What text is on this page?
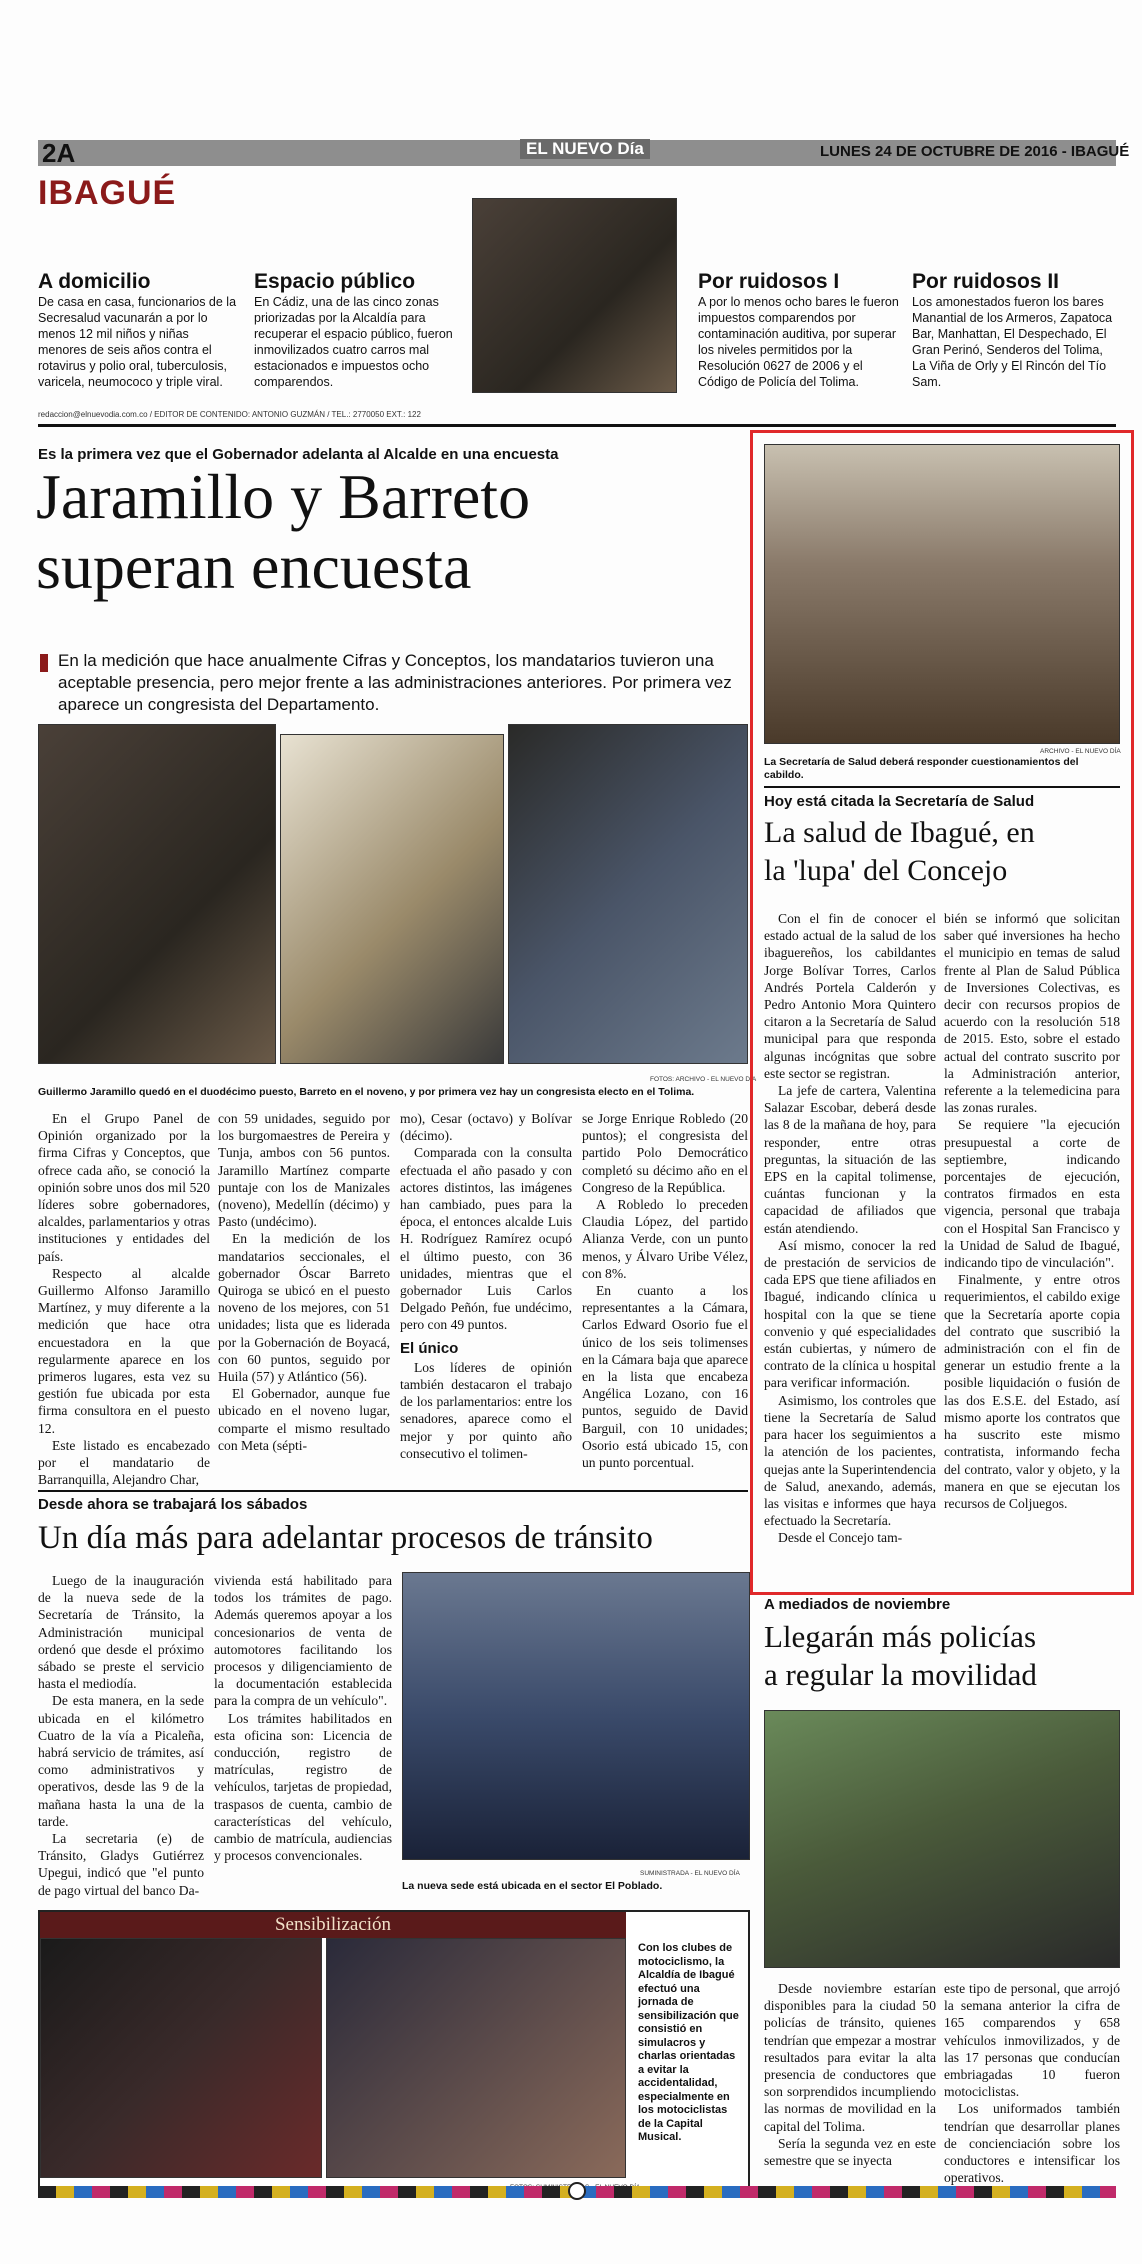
2A	EL NUEVO Día	LUNES 24 DE OCTUBRE DE 2016 - IBAGUÉ
IBAGUÉ
A domicilio
De casa en casa, funcionarios de la Secresalud vacunarán a por lo menos 12 mil niños y niñas menores de seis años contra el rotavirus y polio oral, tuberculosis, varicela, neumococo y triple viral.
Espacio público
En Cádiz, una de las cinco zonas priorizadas por la Alcaldía para recuperar el espacio público, fueron inmovilizados cuatro carros mal estacionados e impuestos ocho comparendos.
Por ruidosos I
A por lo menos ocho bares le fueron impuestos comparendos por contaminación auditiva, por superar los niveles permitidos por la Resolución 0627 de 2006 y el Código de Policía del Tolima.
Por ruidosos II
Los amonestados fueron los bares Manantial de los Armeros, Zapatoca Bar, Manhattan, El Despechado, El Gran Perinó, Senderos del Tolima, La Viña de Orly y El Rincón del Tío Sam.
redaccion@elnuevodia.com.co / EDITOR DE CONTENIDO: ANTONIO GUZMÁN / TEL.: 2770050 EXT.: 122
Es la primera vez que el Gobernador adelanta al Alcalde en una encuesta
Jaramillo y Barreto
superan encuesta
En la medición que hace anualmente Cifras y Conceptos, los mandatarios tuvieron una aceptable presencia, pero mejor frente a las administraciones anteriores. Por primera vez aparece un congresista del Departamento.
FOTOS: ARCHIVO - EL NUEVO DÍA
Guillermo Jaramillo quedó en el duodécimo puesto, Barreto en el noveno, y por primera vez hay un congresista electo en el Tolima.

En el Grupo Panel de Opinión organizado por la firma Cifras y Conceptos, que ofrece cada año, se conoció la opinión sobre unos dos mil 520 líderes sobre gobernadores, alcaldes, parlamentarios y otras instituciones y entidades del país.

Respecto al alcalde Guillermo Alfonso Jaramillo Martínez, y muy diferente a la medición que hace otra encuestadora en la que regularmente aparece en los primeros lugares, esta vez su gestión fue ubicada por esta firma consultora en el puesto 12.

Este listado es encabezado por el mandatario de Barranquilla, Alejandro Char,

con 59 unidades, seguido por los burgomaestres de Pereira y Tunja, ambos con 56 puntos. Jaramillo Martínez comparte puntaje con los de Manizales (noveno), Medellín (décimo) y Pasto (undécimo).

En la medición de los mandatarios seccionales, el gobernador Óscar Barreto Quiroga se ubicó en el puesto noveno de los mejores, con 51 unidades; lista que es liderada por la Gobernación de Boyacá, con 60 puntos, seguido por Huila (57) y Atlántico (56).

El Gobernador, aunque fue ubicado en el noveno lugar, comparte el mismo resultado con Meta (sépti-

mo), Cesar (octavo) y Bolívar (décimo).

Comparada con la consulta efectuada el año pasado y con actores distintos, las imágenes han cambiado, pues para la época, el entonces alcalde Luis H. Rodríguez Ramírez ocupó el último puesto, con 36 unidades, mientras que el gobernador Luis Carlos Delgado Peñón, fue undécimo, pero con 49 puntos.

El único

Los líderes de opinión también destacaron el trabajo de los parlamentarios: entre los senadores, aparece como el mejor y por quinto año consecutivo el tolimen-

se Jorge Enrique Robledo (20 puntos); el congresista del partido Polo Democrático completó su décimo año en el Congreso de la República.

A Robledo lo preceden Claudia López, del partido Alianza Verde, con un punto menos, y Álvaro Uribe Vélez, con 8%.

En cuanto a los representantes a la Cámara, Carlos Edward Osorio fue el único de los seis tolimenses en la Cámara baja que aparece en la lista que encabeza Angélica Lozano, con 16 puntos, seguido de David Barguil, con 10 unidades; Osorio está ubicado 15, con un punto porcentual.

Desde ahora se trabajará los sábados
Un día más para adelantar procesos de tránsito

Luego de la inauguración de la nueva sede de la Secretaría de Tránsito, la Administración municipal ordenó que desde el próximo sábado se preste el servicio hasta el mediodía.

De esta manera, en la sede ubicada en el kilómetro Cuatro de la vía a Picaleña, habrá servicio de trámites, así como administrativos y operativos, desde las 9 de la mañana hasta la una de la tarde.

La secretaria (e) de Tránsito, Gladys Gutiérrez Upegui, indicó que "el punto de pago virtual del banco Da-

vivienda está habilitado para todos los trámites de pago. Además queremos apoyar a los concesionarios de venta de automotores facilitando los procesos y diligenciamiento de la documentación establecida para la compra de un vehículo".

Los trámites habilitados en esta oficina son: Licencia de conducción, registro de matrículas, registro de vehículos, tarjetas de propiedad, traspasos de cuenta, cambio de características del vehículo, cambio de matrícula, audiencias y procesos convencionales.

SUMINISTRADA - EL NUEVO DÍA
La nueva sede está ubicada en el sector El Poblado.
Sensibilización
Con los clubes de motociclismo, la Alcaldía de Ibagué efectuó una jornada de sensibilización que consistió en simulacros y charlas orientadas a evitar la accidentalidad, especialmente en los motociclistas de la Capital Musical.
ARCHIVO - EL NUEVO DÍA
La Secretaría de Salud deberá responder cuestionamientos del cabildo.
Hoy está citada la Secretaría de Salud
La salud de Ibagué, en
la 'lupa' del Concejo

Con el fin de conocer el estado actual de la salud de los ibaguereños, los cabildantes Jorge Bolívar Torres, Carlos Andrés Portela Calderón y Pedro Antonio Mora Quintero citaron a la Secretaría de Salud municipal para que responda algunas incógnitas que sobre este sector se registran.

La jefe de cartera, Valentina Salazar Escobar, deberá desde las 8 de la mañana de hoy, para responder, entre otras preguntas, la situación de las EPS en la capital tolimense, cuántas funcionan y la capacidad de afiliados que están atendiendo.

Así mismo, conocer la red de prestación de servicios de cada EPS que tiene afiliados en Ibagué, indicando clínica u hospital con la que se tiene convenio y qué especialidades están cubiertas, y número de contrato de la clínica u hospital para verificar información.

Asimismo, los controles que tiene la Secretaría de Salud para hacer los seguimientos a la atención de los pacientes, quejas ante la Superintendencia de Salud, anexando, además, las visitas e informes que haya efectuado la Secretaría.

Desde el Concejo tam-

bién se informó que solicitan saber qué inversiones ha hecho el municipio en temas de salud frente al Plan de Salud Pública de Inversiones Colectivas, es decir con recursos propios de acuerdo con la resolución 518 de 2015. Esto, sobre el estado actual del contrato suscrito por la Administración anterior, referente a la telemedicina para las zonas rurales.

Se requiere "la ejecución presupuestal a corte de septiembre, indicando porcentajes de ejecución, contratos firmados en esta vigencia, personal que trabaja con el Hospital San Francisco y la Unidad de Salud de Ibagué, indicando tipo de vinculación".

Finalmente, y entre otros requerimientos, el cabildo exige que la Secretaría aporte copia del contrato que suscribió la administración con el fin de generar un estudio frente a la posible liquidación o fusión de las dos E.S.E. del Estado, así mismo aporte los contratos que ha suscrito este mismo contratista, informando fecha del contrato, valor y objeto, y la manera en que se ejecutan los recursos de Coljuegos.

A mediados de noviembre
Llegarán más policías
a regular la movilidad

Desde noviembre estarían disponibles para la ciudad 50 policías de tránsito, quienes tendrían que empezar a mostrar resultados para evitar la alta presencia de conductores que son sorprendidos incumpliendo las normas de movilidad en la capital del Tolima.

Sería la segunda vez en este semestre que se inyecta

este tipo de personal, que arrojó la semana anterior la cifra de 165 comparendos y 658 vehículos inmovilizados, y de las 17 personas que conducían embriagadas 10 fueron motociclistas.

Los uniformados también tendrían que desarrollar planes de concienciación sobre los conductores e intensificar los operativos.
